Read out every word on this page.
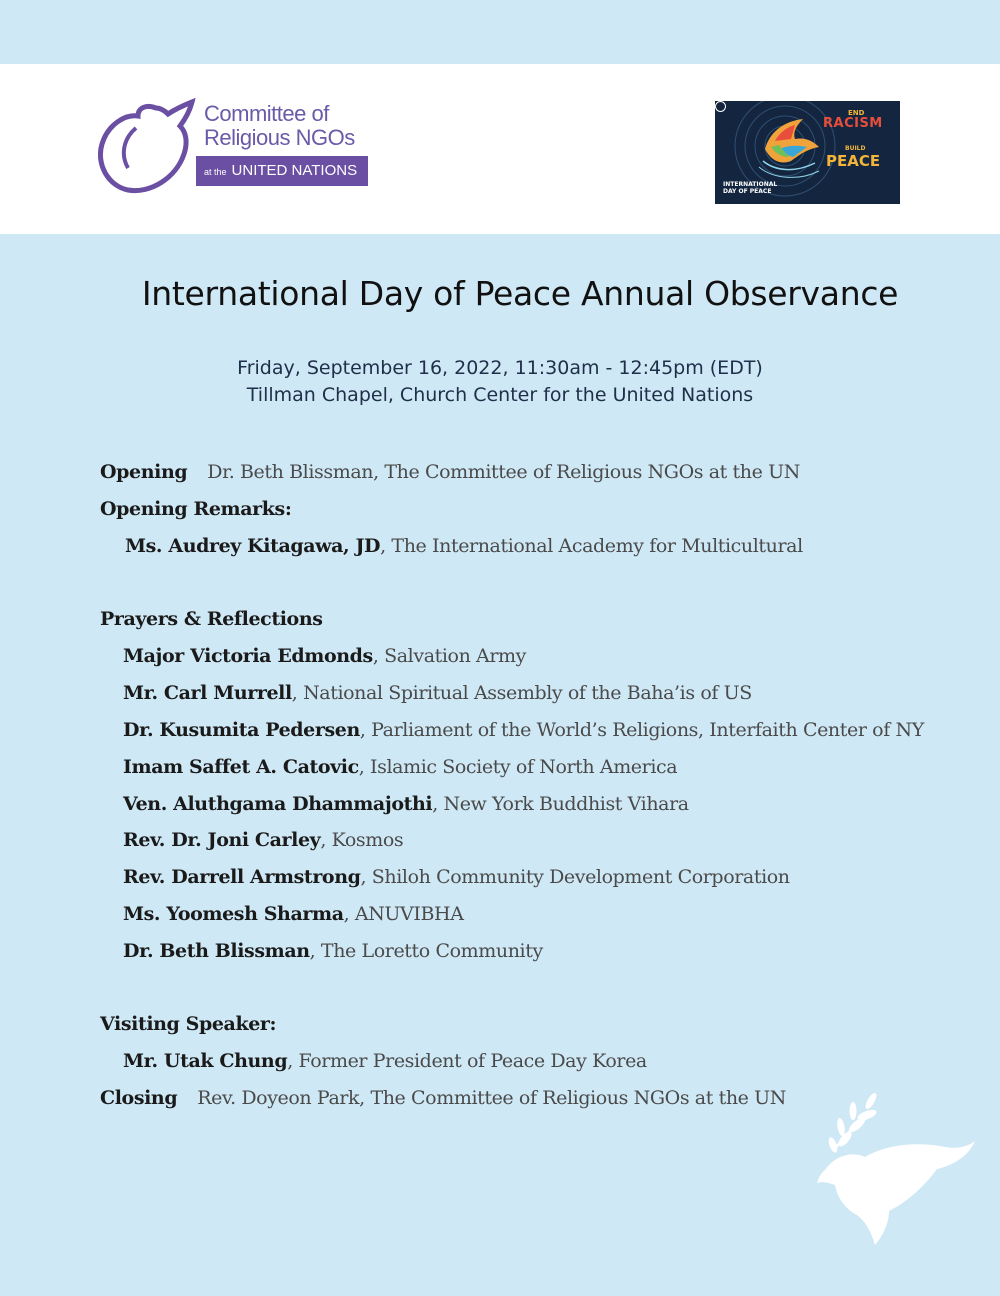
Committee of
Religious NGOs
at the UNITED NATIONS
END
RACISM
BUILD
PEACE
INTERNATIONAL
DAY OF PEACE
International Day of Peace Annual Observance
Friday, September 16, 2022, 11:30am - 12:45pm (EDT)
Tillman Chapel, Church Center for the United Nations
Opening Dr. Beth Blissman, The Committee of Religious NGOs at the UN
Opening Remarks:
Ms. Audrey Kitagawa, JD, The International Academy for Multicultural
Prayers & Reflections
Major Victoria Edmonds, Salvation Army
Mr. Carl Murrell, National Spiritual Assembly of the Baha’is of US
Dr. Kusumita Pedersen, Parliament of the World’s Religions, Interfaith Center of NY
Imam Saffet A. Catovic, Islamic Society of North America
Ven. Aluthgama Dhammajothi, New York Buddhist Vihara
Rev. Dr. Joni Carley, Kosmos
Rev. Darrell Armstrong, Shiloh Community Development Corporation
Ms. Yoomesh Sharma, ANUVIBHA
Dr. Beth Blissman, The Loretto Community
Visiting Speaker:
Mr. Utak Chung, Former President of Peace Day Korea
Closing Rev. Doyeon Park, The Committee of Religious NGOs at the UN
